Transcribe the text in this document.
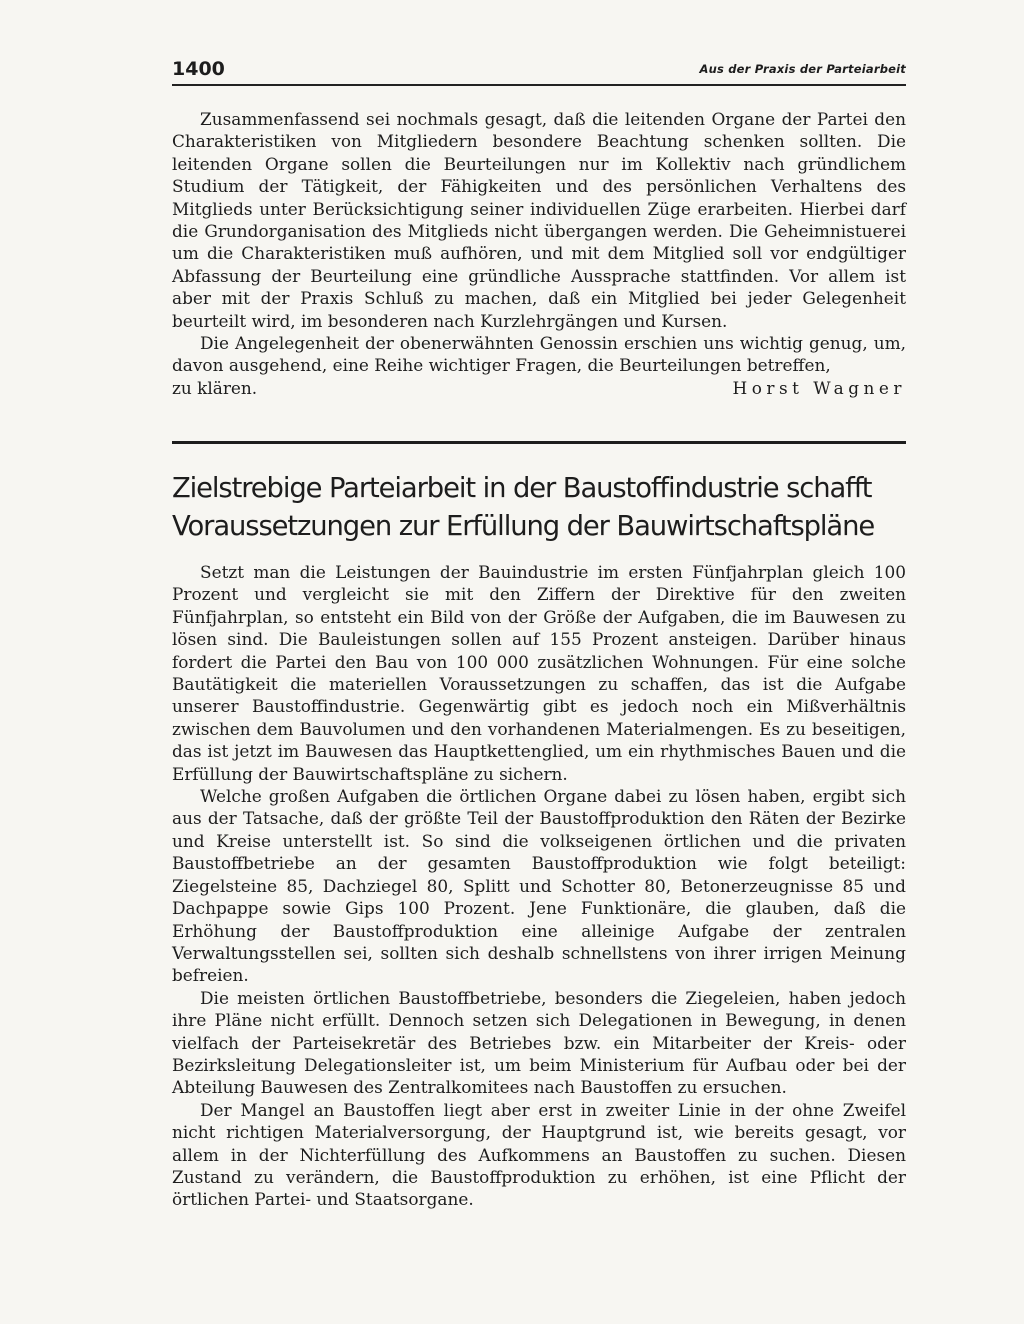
1400	Aus der Praxis der Parteiarbeit

Zusammenfassend sei nochmals gesagt, daß die leitenden Organe der Partei den Charakteristiken von Mitgliedern besondere Beachtung schenken sollten. Die leitenden Organe sollen die Beurteilungen nur im Kollektiv nach gründlichem Studium der Tätigkeit, der Fähigkeiten und des persönlichen Verhaltens des Mitglieds unter Berücksichtigung seiner individuellen Züge erarbeiten. Hierbei darf die Grundorganisation des Mitglieds nicht übergangen werden. Die Geheimnistuerei um die Charakteristiken muß aufhören, und mit dem Mitglied soll vor endgültiger Abfassung der Beurteilung eine gründliche Aussprache stattfinden. Vor allem ist aber mit der Praxis Schluß zu machen, daß ein Mitglied bei jeder Gelegenheit beurteilt wird, im besonderen nach Kurzlehrgängen und Kursen.

Die Angelegenheit der obenerwähnten Genossin erschien uns wichtig genug, um, davon ausgehend, eine Reihe wichtiger Fragen, die Beurteilungen betreffen,

zu klären.	Horst Wagner
Zielstrebige Parteiarbeit in der Baustoffindustrie schafft
Voraussetzungen zur Erfüllung der Bauwirtschaftspläne

Setzt man die Leistungen der Bauindustrie im ersten Fünfjahrplan gleich 100 Prozent und vergleicht sie mit den Ziffern der Direktive für den zweiten Fünfjahrplan, so entsteht ein Bild von der Größe der Aufgaben, die im Bauwesen zu lösen sind. Die Bauleistungen sollen auf 155 Prozent ansteigen. Darüber hinaus fordert die Partei den Bau von 100 000 zusätzlichen Wohnungen. Für eine solche Bautätigkeit die materiellen Voraussetzungen zu schaffen, das ist die Aufgabe unserer Baustoffindustrie. Gegenwärtig gibt es jedoch noch ein Mißverhältnis zwischen dem Bauvolumen und den vorhandenen Materialmengen. Es zu beseitigen, das ist jetzt im Bauwesen das Hauptkettenglied, um ein rhythmisches Bauen und die Erfüllung der Bauwirtschaftspläne zu sichern.

Welche großen Aufgaben die örtlichen Organe dabei zu lösen haben, ergibt sich aus der Tatsache, daß der größte Teil der Baustoffproduktion den Räten der Bezirke und Kreise unterstellt ist. So sind die volkseigenen örtlichen und die privaten Baustoffbetriebe an der gesamten Baustoffproduktion wie folgt beteiligt: Ziegelsteine 85, Dachziegel 80, Splitt und Schotter 80, Betonerzeugnisse 85 und Dachpappe sowie Gips 100 Prozent. Jene Funktionäre, die glauben, daß die Erhöhung der Baustoffproduktion eine alleinige Aufgabe der zentralen Verwaltungsstellen sei, sollten sich deshalb schnellstens von ihrer irrigen Meinung befreien.

Die meisten örtlichen Baustoffbetriebe, besonders die Ziegeleien, haben jedoch ihre Pläne nicht erfüllt. Dennoch setzen sich Delegationen in Bewegung, in denen vielfach der Parteisekretär des Betriebes bzw. ein Mitarbeiter der Kreis- oder Bezirksleitung Delegationsleiter ist, um beim Ministerium für Aufbau oder bei der Abteilung Bauwesen des Zentralkomitees nach Baustoffen zu ersuchen.

Der Mangel an Baustoffen liegt aber erst in zweiter Linie in der ohne Zweifel nicht richtigen Materialversorgung, der Hauptgrund ist, wie bereits gesagt, vor allem in der Nichterfüllung des Aufkommens an Baustoffen zu suchen. Diesen Zustand zu verändern, die Baustoffproduktion zu erhöhen, ist eine Pflicht der örtlichen Partei- und Staatsorgane.
